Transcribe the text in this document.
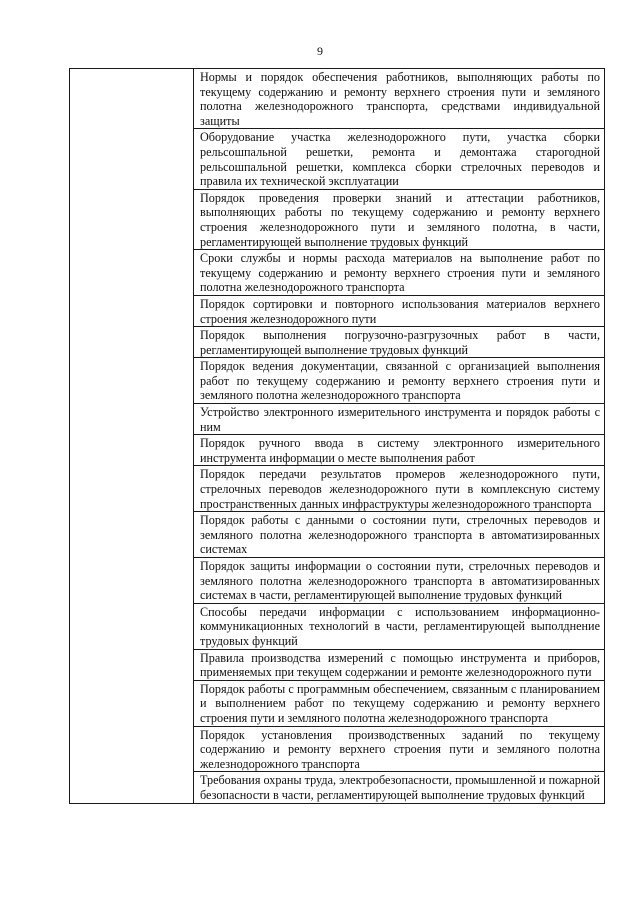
9

Нормы и порядок обеспечения работников, выполняющих работы по текущему содержанию и ремонту верхнего строения пути и земляного полотна железнодорожного транспорта, средствами индивидуальной защиты

Оборудование участка железнодорожного пути, участка сборки рельсошпальной решетки, ремонта и демонтажа старогодной рельсошпальной решетки, комплекса сборки стрелочных переводов и правила их технической эксплуатации

Порядок проведения проверки знаний и аттестации работников, выполняющих работы по текущему содержанию и ремонту верхнего строения железнодорожного пути и земляного полотна, в части, регламентирующей выполнение трудовых функций

Сроки службы и нормы расхода материалов на выполнение работ по текущему содержанию и ремонту верхнего строения пути и земляного полотна железнодорожного транспорта

Порядок сортировки и повторного использования материалов верхнего строения железнодорожного пути

Порядок выполнения погрузочно-разгрузочных работ в части, регламентирующей выполнение трудовых функций

Порядок ведения документации, связанной с организацией выполнения работ по текущему содержанию и ремонту верхнего строения пути и земляного полотна железнодорожного транспорта

Устройство электронного измерительного инструмента и порядок работы с ним

Порядок ручного ввода в систему электронного измерительного инструмента информации о месте выполнения работ

Порядок передачи результатов промеров железнодорожного пути, стрелочных переводов железнодорожного пути в комплексную систему пространственных данных инфраструктуры железнодорожного транспорта

Порядок работы с данными о состоянии пути, стрелочных переводов и земляного полотна железнодорожного транспорта в автоматизированных системах

Порядок защиты информации о состоянии пути, стрелочных переводов и земляного полотна железнодорожного транспорта в автоматизированных системах в части, регламентирующей выполнение трудовых функций

Способы передачи информации с использованием информационно-коммуникационных технологий в части, регламентирующей выполднение трудовых функций

Правила производства измерений с помощью инструмента и приборов, применяемых при текущем содержании и ремонте железнодорожного пути

Порядок работы с программным обеспечением, связанным с планированием и выполнением работ по текущему содержанию и ремонту верхнего строения пути и земляного полотна железнодорожного транспорта

Порядок установления производственных заданий по текущему содержанию и ремонту верхнего строения пути и земляного полотна железнодорожного транспорта

Требования охраны труда, электробезопасности, промышленной и пожарной безопасности в части, регламентирующей выполнение трудовых функций
